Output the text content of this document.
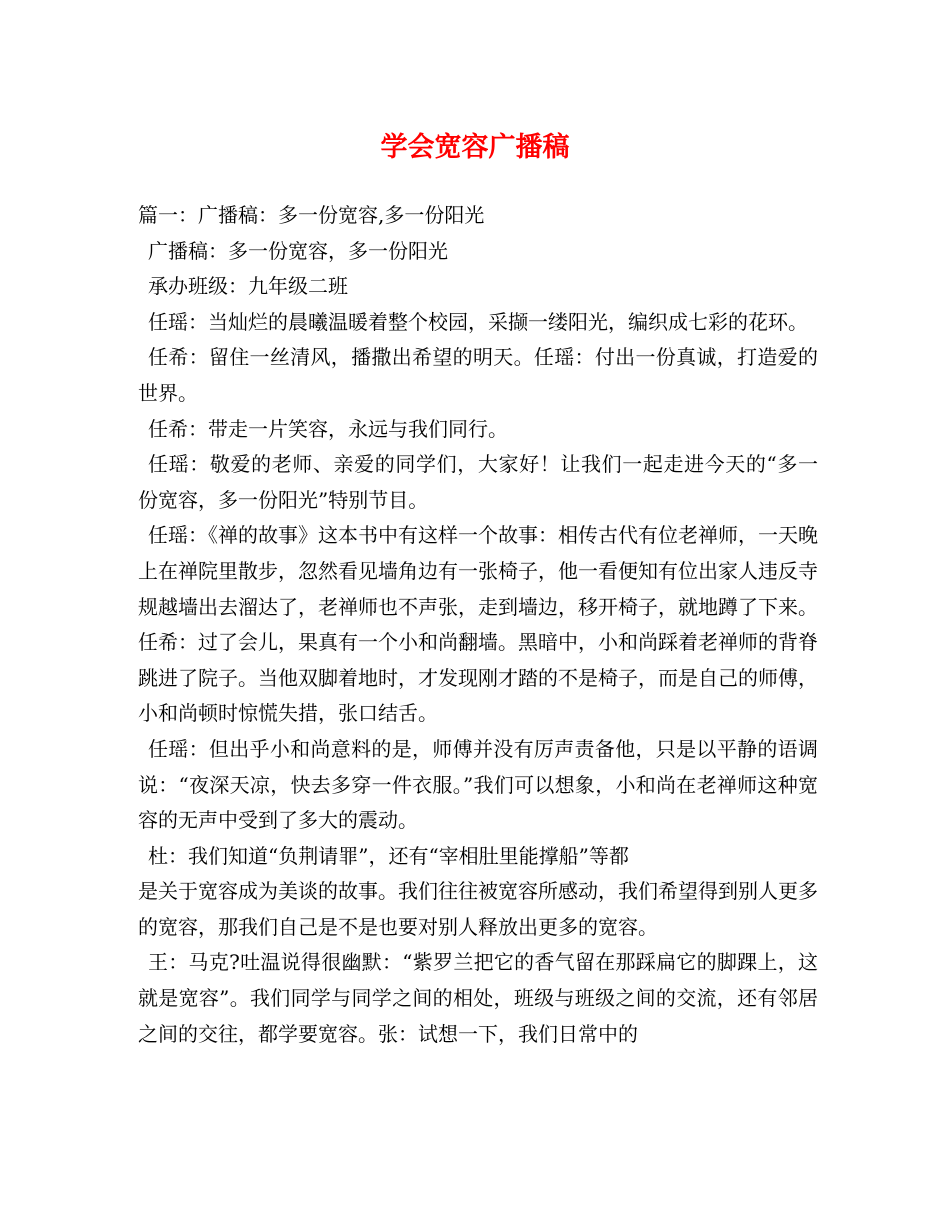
学会宽容广播稿

篇一：广播稿：多一份宽容,多一份阳光

广播稿：多一份宽容，多一份阳光

承办班级：九年级二班

任瑶：当灿烂的晨曦温暖着整个校园，采撷一缕阳光，编织成七彩的花环。

任希：留住一丝清风，播撒出希望的明天。任瑶：付出一份真诚，打造爱的世界。

任希：带走一片笑容，永远与我们同行。

任瑶：敬爱的老师、亲爱的同学们，大家好！让我们一起走进今天的“多一份宽容，多一份阳光”特别节目。

任瑶：《禅的故事》这本书中有这样一个故事：相传古代有位老禅师，一天晚上在禅院里散步，忽然看见墙角边有一张椅子，他一看便知有位出家人违反寺规越墙出去溜达了，老禅师也不声张，走到墙边，移开椅子，就地蹲了下来。任希：过了会儿，果真有一个小和尚翻墙。黑暗中，小和尚踩着老禅师的背脊跳进了院子。当他双脚着地时，才发现刚才踏的不是椅子，而是自己的师傅，小和尚顿时惊慌失措，张口结舌。

任瑶：但出乎小和尚意料的是，师傅并没有厉声责备他，只是以平静的语调说：“夜深天凉，快去多穿一件衣服。”我们可以想象，小和尚在老禅师这种宽容的无声中受到了多大的震动。

杜：我们知道“负荆请罪”，还有“宰相肚里能撑船”等都

是关于宽容成为美谈的故事。我们往往被宽容所感动，我们希望得到别人更多的宽容，那我们自己是不是也要对别人释放出更多的宽容。

王：马克?吐温说得很幽默：“紫罗兰把它的香气留在那踩扁它的脚踝上，这就是宽容”。我们同学与同学之间的相处，班级与班级之间的交流，还有邻居之间的交往，都学要宽容。张：试想一下，我们日常中的
